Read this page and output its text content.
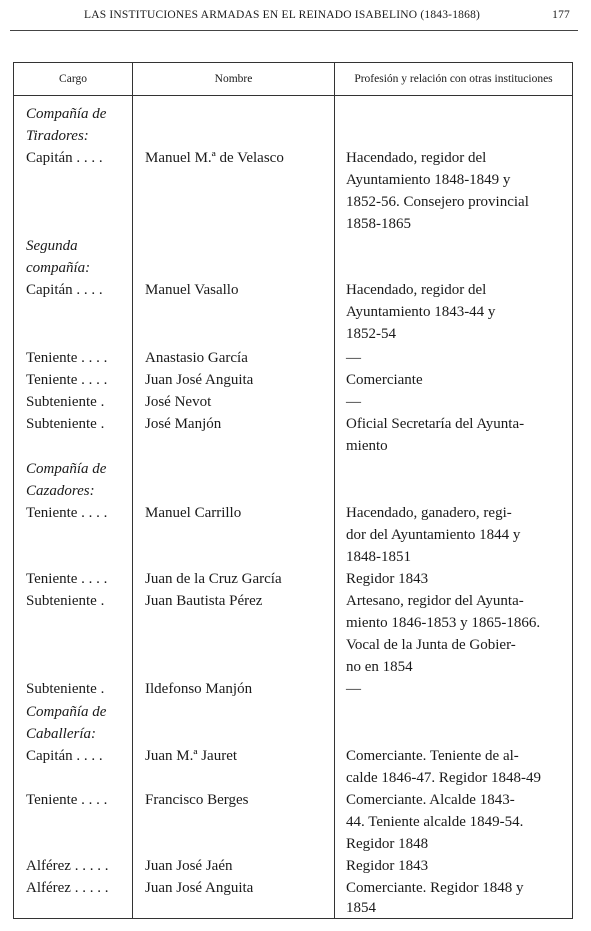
LAS INSTITUCIONES ARMADAS EN EL REINADO ISABELINO (1843-1868)	177
Cargo	Nombre	Profesión y relación con otras instituciones
Compañía de
Tiradores:
Capitán . . . .	Manuel M.ª de Velasco	Hacendado, regidor del
Ayuntamiento 1848-1849 y
1852-56. Consejero provincial
1858-1865
Segunda
compañía:
Capitán . . . .	Manuel Vasallo	Hacendado, regidor del
Ayuntamiento 1843-44 y
1852-54
Teniente . . . .	Anastasio García	—
Teniente . . . .	Juan José Anguita	Comerciante
Subteniente .	José Nevot	—
Subteniente .	José Manjón	Oficial Secretaría del Ayunta-
miento
Compañía de
Cazadores:
Teniente . . . .	Manuel Carrillo	Hacendado, ganadero, regi-
dor del Ayuntamiento 1844 y
1848-1851
Teniente . . . .	Juan de la Cruz García	Regidor 1843
Subteniente .	Juan Bautista Pérez	Artesano, regidor del Ayunta-
miento 1846-1853 y 1865-1866.
Vocal de la Junta de Gobier-
no en 1854
Subteniente .	Ildefonso Manjón	—
Compañía de
Caballería:
Capitán . . . .	Juan M.ª Jauret	Comerciante. Teniente de al-
calde 1846-47. Regidor 1848-49
Teniente . . . .	Francisco Berges	Comerciante. Alcalde 1843-
44. Teniente alcalde 1849-54.
Regidor 1848
Alférez . . . . . Juan José Jaén	Regidor 1843
Alférez . . . . . Juan José Anguita	Comerciante. Regidor 1848 y
1854
